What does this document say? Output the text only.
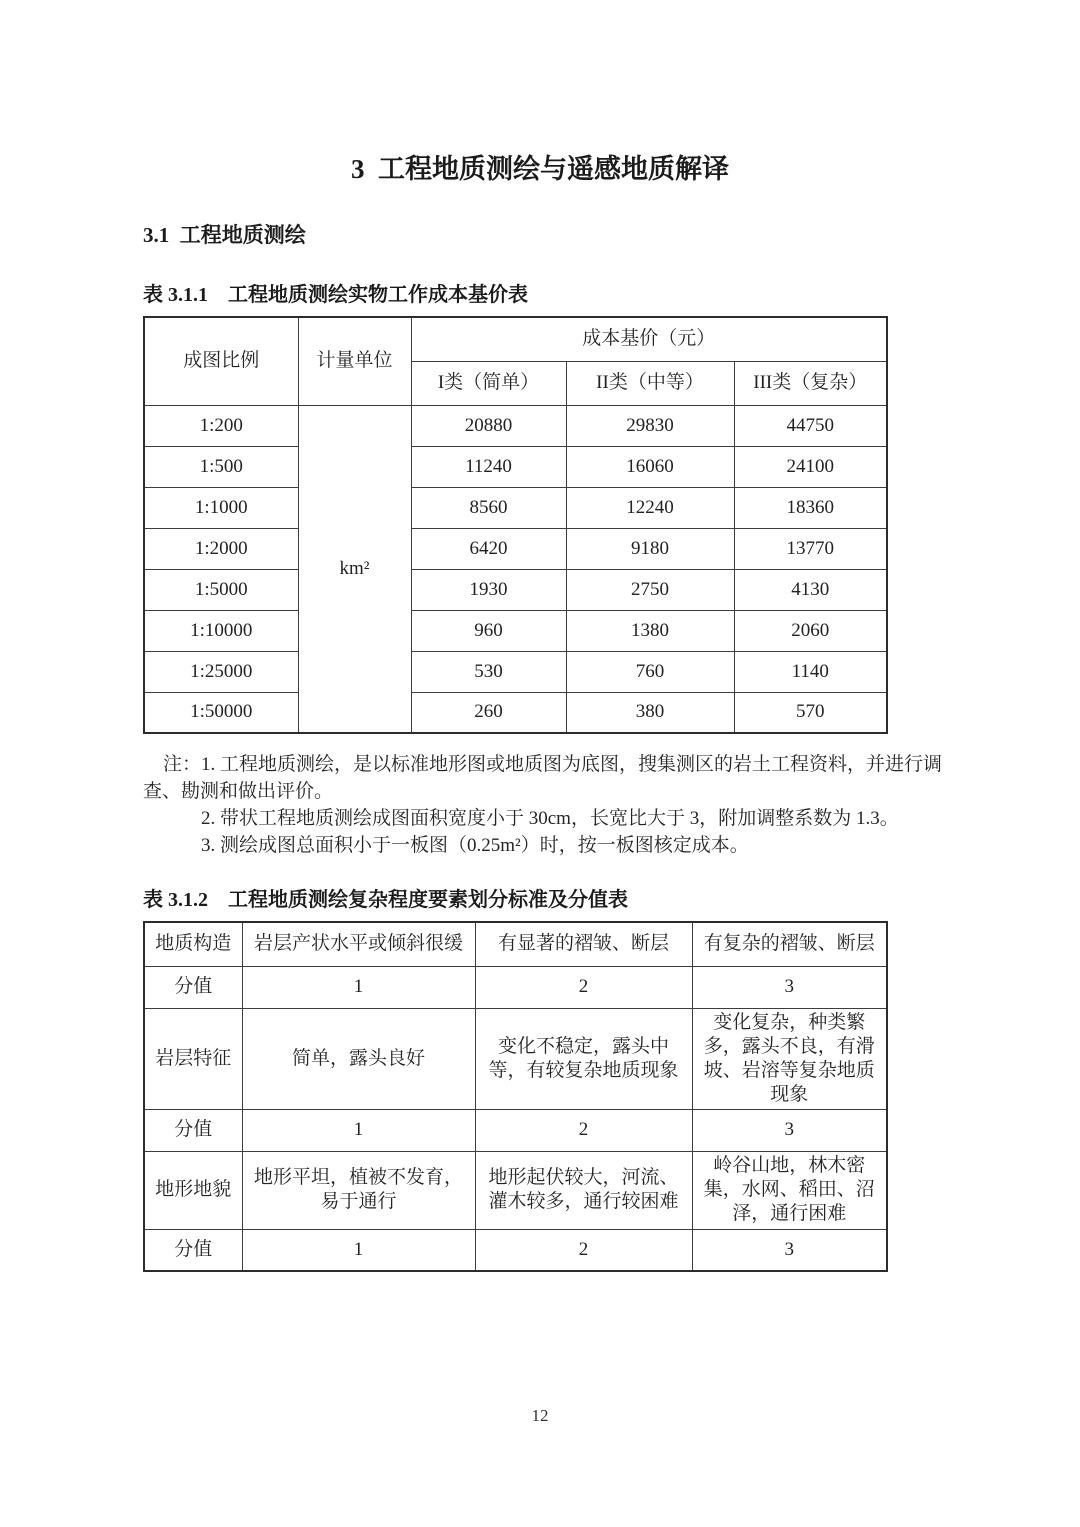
3  工程地质测绘与遥感地质解译
3.1  工程地质测绘
表 3.1.1　工程地质测绘实物工作成本基价表
成图比例	计量单位	成本基价（元）		
		I类（简单）	II类（中等）	III类（复杂）
1:200	km²	20880	29830	44750
1:500		11240	16060	24100
1:1000		8560	12240	18360
1:2000		6420	9180	13770
1:5000		1930	2750	4130
1:10000		960	1380	2060
1:25000		530	760	1140
1:50000		260	380	570

注：1. 工程地质测绘，是以标准地形图或地质图为底图，搜集测区的岩土工程资料，并进行调查、勘测和做出评价。

2. 带状工程地质测绘成图面积宽度小于 30cm，长宽比大于 3，附加调整系数为 1.3。

3. 测绘成图总面积小于一板图（0.25m²）时，按一板图核定成本。

表 3.1.2　工程地质测绘复杂程度要素划分标准及分值表
地质构造	岩层产状水平或倾斜很缓	有显著的褶皱、断层	有复杂的褶皱、断层
分值	1	2	3
岩层特征	简单，露头良好	变化不稳定，露头中等，有较复杂地质现象	变化复杂，种类繁多，露头不良，有滑坡、岩溶等复杂地质现象
分值	1	2	3
地形地貌	地形平坦，植被不发育，易于通行	地形起伏较大，河流、灌木较多，通行较困难	岭谷山地，林木密集，水网、稻田、沼泽，通行困难
分值	1	2	3
12
